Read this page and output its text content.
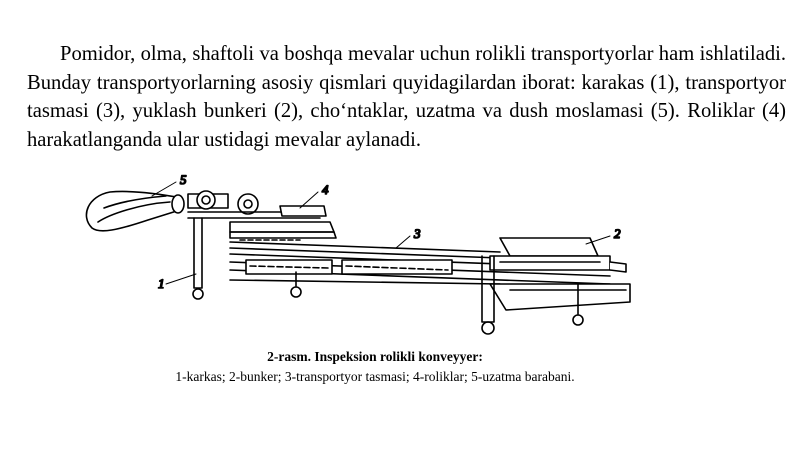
Pomidor, olma, shaftoli va boshqa mevalar uchun rolikli transportyorlar ham ishlatiladi. Bunday transportyorlarning asosiy qismlari quyidagilardan iborat: karakas (1), transportyor tasmasi (3), yuklash bunkeri (2), cho‘ntaklar, uzatma va dush moslamasi (5). Roliklar (4) harakatlanganda ular ustidagi mevalar aylanadi.

5
4
3	2
1

2-rasm. Inspeksion rolikli konveyyer:

1-karkas; 2-bunker; 3-transportyor tasmasi; 4-roliklar; 5-uzatma barabani.
